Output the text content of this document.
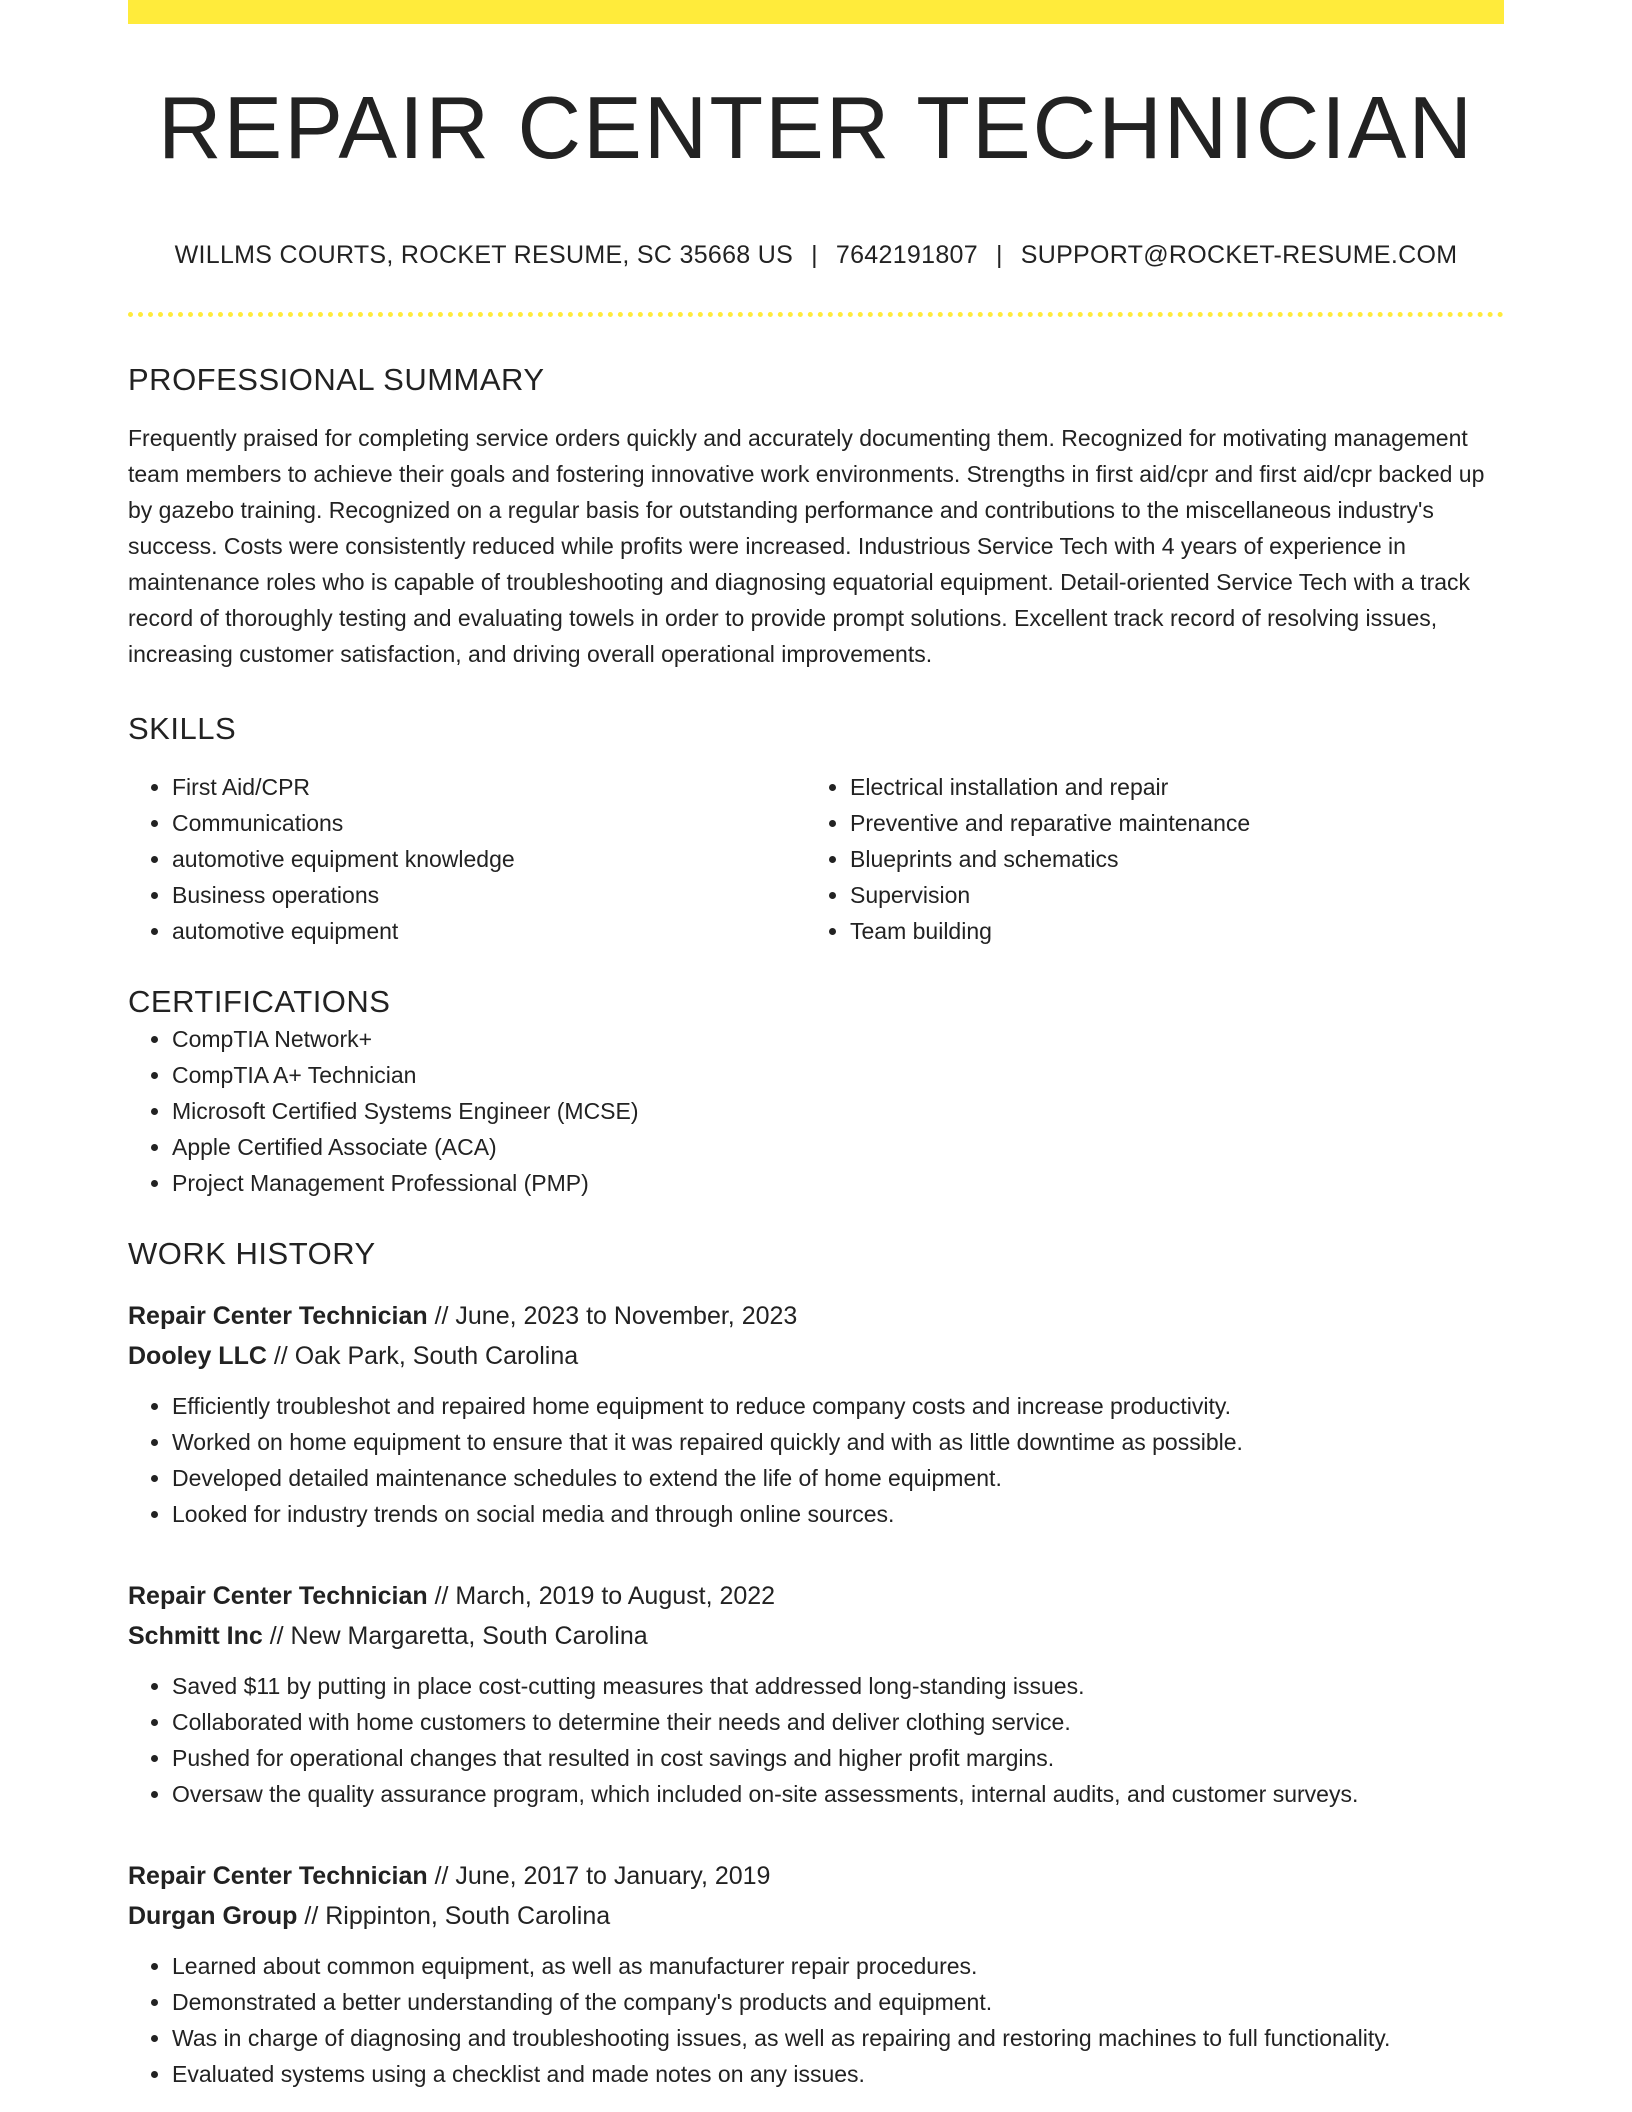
REPAIR CENTER TECHNICIAN
WILLMS COURTS, ROCKET RESUME, SC 35668 US | 7642191807 | SUPPORT@ROCKET-RESUME.COM
PROFESSIONAL SUMMARY
Frequently praised for completing service orders quickly and accurately documenting them. Recognized for motivating management team members to achieve their goals and fostering innovative work environments. Strengths in first aid/cpr and first aid/cpr backed up by gazebo training. Recognized on a regular basis for outstanding performance and contributions to the miscellaneous industry's success. Costs were consistently reduced while profits were increased. Industrious Service Tech with 4 years of experience in maintenance roles who is capable of troubleshooting and diagnosing equatorial equipment. Detail-oriented Service Tech with a track record of thoroughly testing and evaluating towels in order to provide prompt solutions. Excellent track record of resolving issues, increasing customer satisfaction, and driving overall operational improvements.
SKILLS
• First Aid/CPR
• Communications
• automotive equipment knowledge
• Business operations
• automotive equipment
• Electrical installation and repair
• Preventive and reparative maintenance
• Blueprints and schematics
• Supervision
• Team building
CERTIFICATIONS
• CompTIA Network+
• CompTIA A+ Technician
• Microsoft Certified Systems Engineer (MCSE)
• Apple Certified Associate (ACA)
• Project Management Professional (PMP)
WORK HISTORY
Repair Center Technician // June, 2023 to November, 2023
Dooley LLC // Oak Park, South Carolina
• Efficiently troubleshot and repaired home equipment to reduce company costs and increase productivity.
• Worked on home equipment to ensure that it was repaired quickly and with as little downtime as possible.
• Developed detailed maintenance schedules to extend the life of home equipment.
• Looked for industry trends on social media and through online sources.
Repair Center Technician // March, 2019 to August, 2022
Schmitt Inc // New Margaretta, South Carolina
• Saved $11 by putting in place cost-cutting measures that addressed long-standing issues.
• Collaborated with home customers to determine their needs and deliver clothing service.
• Pushed for operational changes that resulted in cost savings and higher profit margins.
• Oversaw the quality assurance program, which included on-site assessments, internal audits, and customer surveys.
Repair Center Technician // June, 2017 to January, 2019
Durgan Group // Rippinton, South Carolina
• Learned about common equipment, as well as manufacturer repair procedures.
• Demonstrated a better understanding of the company's products and equipment.
• Was in charge of diagnosing and troubleshooting issues, as well as repairing and restoring machines to full functionality.
• Evaluated systems using a checklist and made notes on any issues.
